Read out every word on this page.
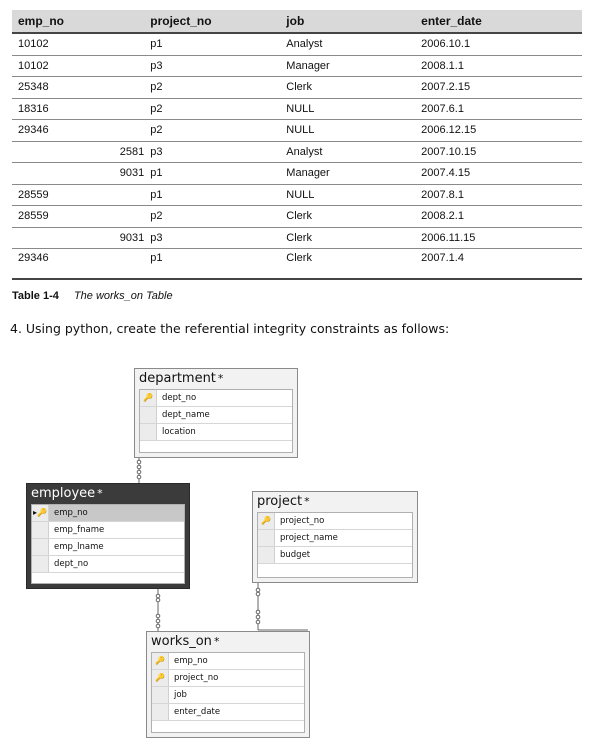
emp_no	project_no	job	enter_date
10102	p1	Analyst	2006.10.1
10102	p3	Manager	2008.1.1
25348	p2	Clerk	2007.2.15
18316	p2	NULL	2007.6.1
29346	p2	NULL	2006.12.15
2581	p3	Analyst	2007.10.15
9031	p1	Manager	2007.4.15
28559	p1	NULL	2007.8.1
28559	p2	Clerk	2008.2.1
9031	p3	Clerk	2006.11.15
29346	p1	Clerk	2007.1.4
Table 1-4 The works_on Table
4. Using python, create the referential integrity constraints as follows:
department *
🔑	dept_no
dept_name
location
employee *
▸🔑 emp_no
emp_fname
emp_lname
dept_no
project *
🔑	project_no
project_name
budget
works_on *
🔑	emp_no
🔑	project_no
job
enter_date
